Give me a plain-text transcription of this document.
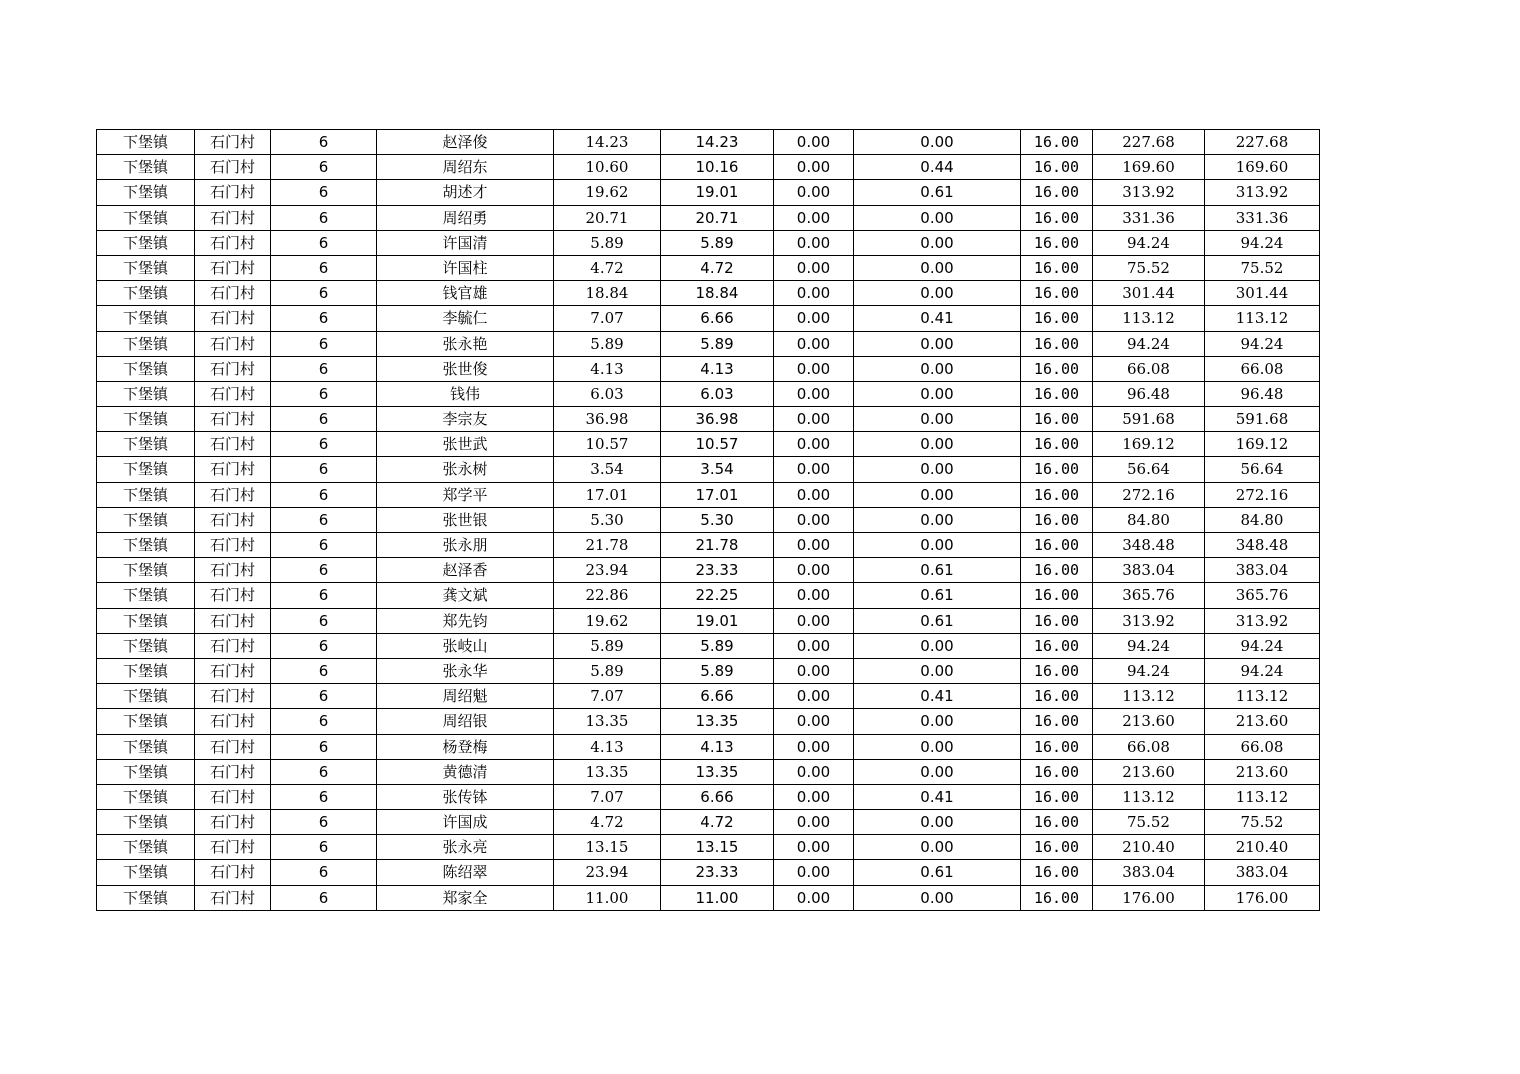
下堡镇	石门村	6	赵泽俊	14.23	14.23	0.00	0.00	16.00	227.68	227.68
下堡镇	石门村	6	周绍东	10.60	10.16	0.00	0.44	16.00	169.60	169.60
下堡镇	石门村	6	胡述才	19.62	19.01	0.00	0.61	16.00	313.92	313.92
下堡镇	石门村	6	周绍勇	20.71	20.71	0.00	0.00	16.00	331.36	331.36
下堡镇	石门村	6	许国清	5.89	5.89	0.00	0.00	16.00	94.24	94.24
下堡镇	石门村	6	许国柱	4.72	4.72	0.00	0.00	16.00	75.52	75.52
下堡镇	石门村	6	钱官雄	18.84	18.84	0.00	0.00	16.00	301.44	301.44
下堡镇	石门村	6	李毓仁	7.07	6.66	0.00	0.41	16.00	113.12	113.12
下堡镇	石门村	6	张永艳	5.89	5.89	0.00	0.00	16.00	94.24	94.24
下堡镇	石门村	6	张世俊	4.13	4.13	0.00	0.00	16.00	66.08	66.08
下堡镇	石门村	6	钱伟	6.03	6.03	0.00	0.00	16.00	96.48	96.48
下堡镇	石门村	6	李宗友	36.98	36.98	0.00	0.00	16.00	591.68	591.68
下堡镇	石门村	6	张世武	10.57	10.57	0.00	0.00	16.00	169.12	169.12
下堡镇	石门村	6	张永树	3.54	3.54	0.00	0.00	16.00	56.64	56.64
下堡镇	石门村	6	郑学平	17.01	17.01	0.00	0.00	16.00	272.16	272.16
下堡镇	石门村	6	张世银	5.30	5.30	0.00	0.00	16.00	84.80	84.80
下堡镇	石门村	6	张永朋	21.78	21.78	0.00	0.00	16.00	348.48	348.48
下堡镇	石门村	6	赵泽香	23.94	23.33	0.00	0.61	16.00	383.04	383.04
下堡镇	石门村	6	龚文斌	22.86	22.25	0.00	0.61	16.00	365.76	365.76
下堡镇	石门村	6	郑先钧	19.62	19.01	0.00	0.61	16.00	313.92	313.92
下堡镇	石门村	6	张岐山	5.89	5.89	0.00	0.00	16.00	94.24	94.24
下堡镇	石门村	6	张永华	5.89	5.89	0.00	0.00	16.00	94.24	94.24
下堡镇	石门村	6	周绍魁	7.07	6.66	0.00	0.41	16.00	113.12	113.12
下堡镇	石门村	6	周绍银	13.35	13.35	0.00	0.00	16.00	213.60	213.60
下堡镇	石门村	6	杨登梅	4.13	4.13	0.00	0.00	16.00	66.08	66.08
下堡镇	石门村	6	黄德清	13.35	13.35	0.00	0.00	16.00	213.60	213.60
下堡镇	石门村	6	张传钵	7.07	6.66	0.00	0.41	16.00	113.12	113.12
下堡镇	石门村	6	许国成	4.72	4.72	0.00	0.00	16.00	75.52	75.52
下堡镇	石门村	6	张永亮	13.15	13.15	0.00	0.00	16.00	210.40	210.40
下堡镇	石门村	6	陈绍翠	23.94	23.33	0.00	0.61	16.00	383.04	383.04
下堡镇	石门村	6	郑家全	11.00	11.00	0.00	0.00	16.00	176.00	176.00
